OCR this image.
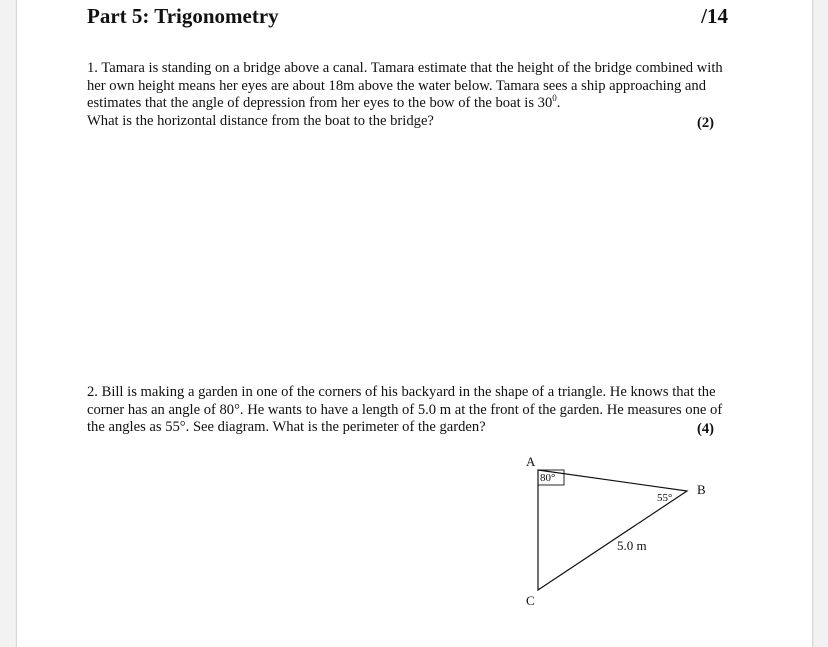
Part 5: Trigonometry	/14

1. Tamara is standing on a bridge above a canal. Tamara estimate that the height of the bridge combined with her own height means her eyes are about 18m above the water below. Tamara sees a ship approaching and estimates that the angle of depression from her eyes to the bow of the boat is $30^0$.
What is the horizontal distance from the boat to the bridge?	(2)

2. Bill is making a garden in one of the corners of his backyard in the shape of a triangle. He knows that the corner has an angle of 80°. He wants to have a length of 5.0 m at the front of the garden. He measures one of the angles as 55°. See diagram. What is the perimeter of the garden?	(4)
A
80°
B
55°
5.0 m
C
